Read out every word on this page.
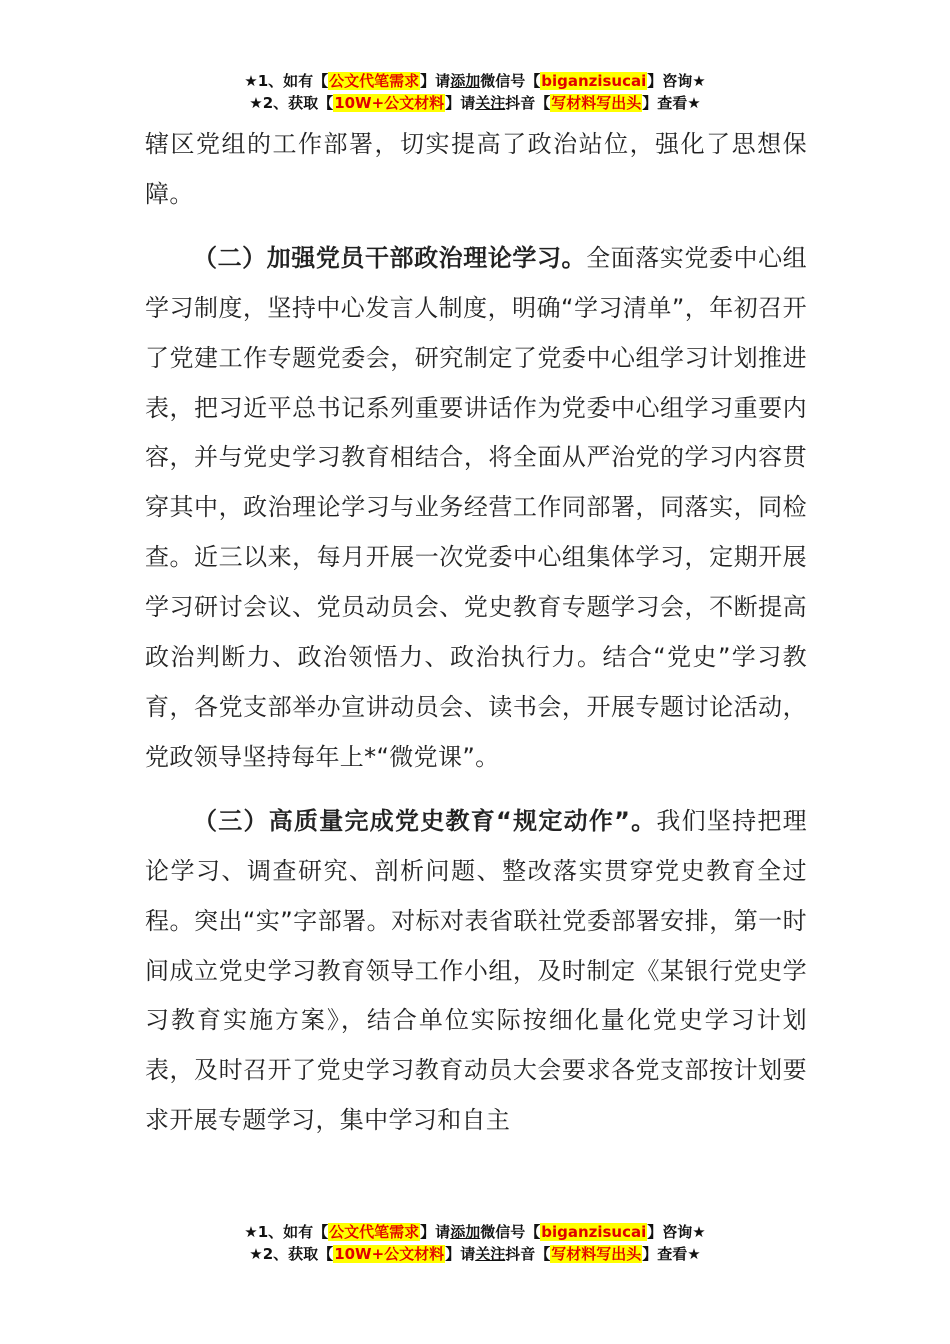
★1、如有【公文代笔需求】请添加微信号【biganzisucai】咨询★
★2、获取【10W+公文材料】请关注抖音【写材料写出头】查看★

辖区党组的工作部署，切实提高了政治站位，强化了思想保障。

（二）加强党员干部政治理论学习。全面落实党委中心组学习制度，坚持中心发言人制度，明确“学习清单”，年初召开了党建工作专题党委会，研究制定了党委中心组学习计划推进表，把习近平总书记系列重要讲话作为党委中心组学习重要内容，并与党史学习教育相结合，将全面从严治党的学习内容贯穿其中，政治理论学习与业务经营工作同部署，同落实，同检查。近三以来，每月开展一次党委中心组集体学习，定期开展学习研讨会议、党员动员会、党史教育专题学习会，不断提高政治判断力、政治领悟力、政治执行力。结合“党史”学习教育，各党支部举办宣讲动员会、读书会，开展专题讨论活动，党政领导坚持每年上*“微党课”。

（三）高质量完成党史教育“规定动作”。我们坚持把理论学习、调查研究、剖析问题、整改落实贯穿党史教育全过程。突出“实”字部署。对标对表省联社党委部署安排，第一时间成立党史学习教育领导工作小组，及时制定《某银行党史学习教育实施方案》，结合单位实际按细化量化党史学习计划表，及时召开了党史学习教育动员大会要求各党支部按计划要求开展专题学习，集中学习和自主

★1、如有【公文代笔需求】请添加微信号【biganzisucai】咨询★
★2、获取【10W+公文材料】请关注抖音【写材料写出头】查看★
